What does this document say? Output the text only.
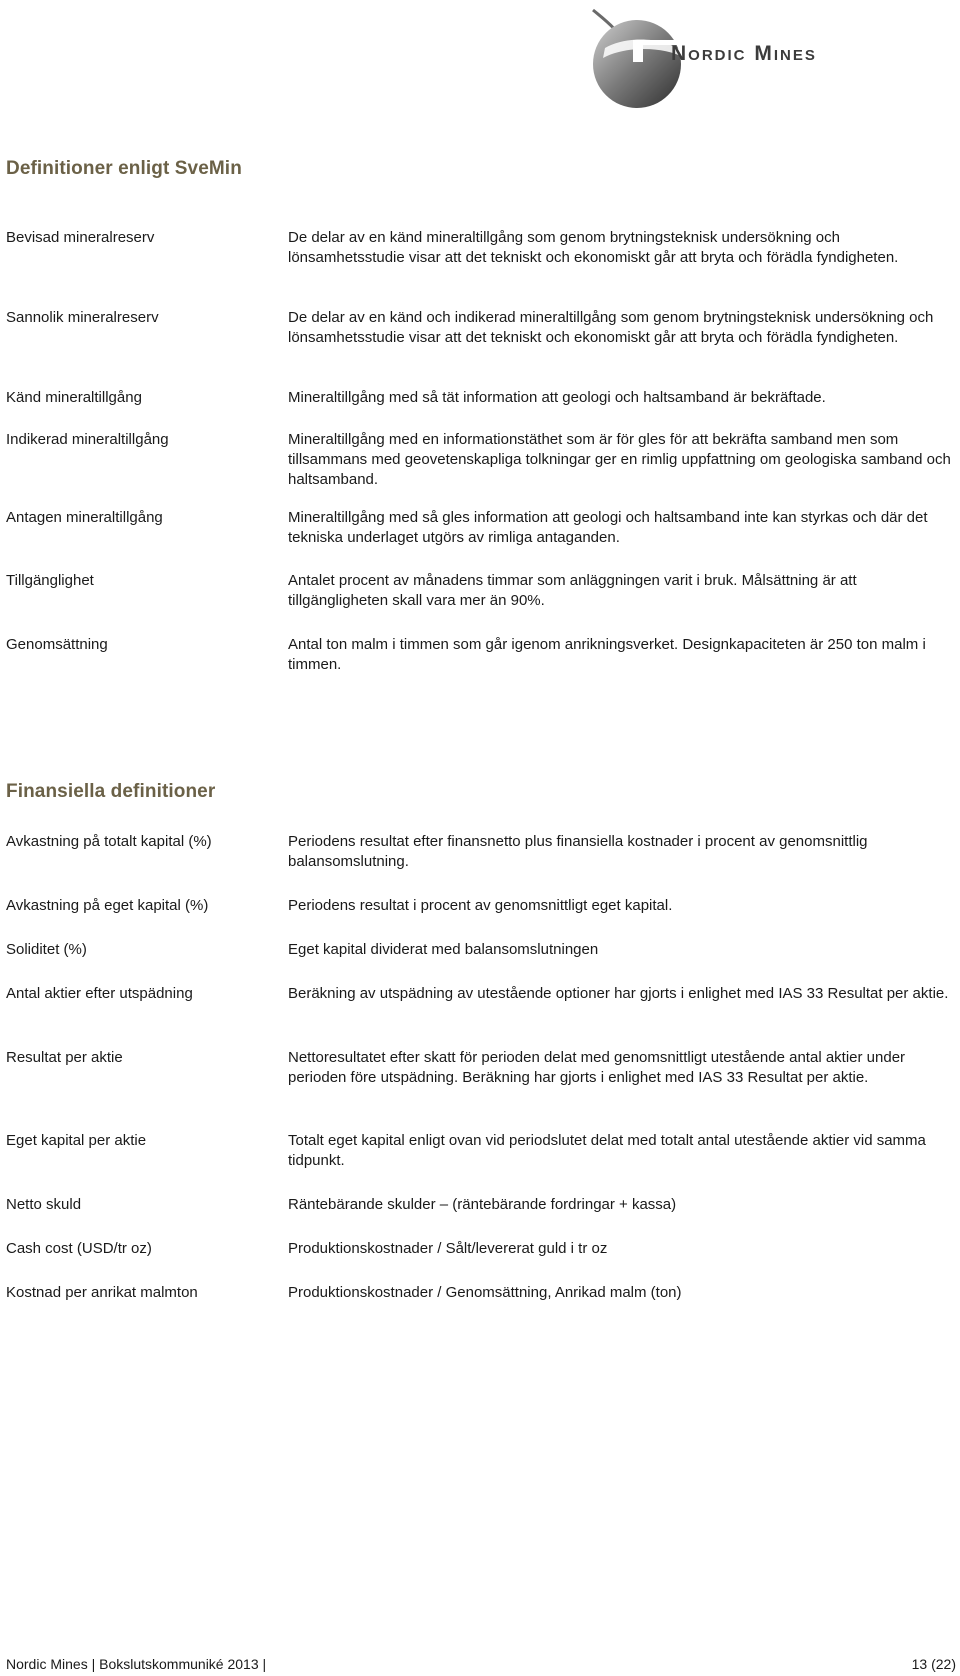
Nordic Mines
Definitioner enligt SveMin
Bevisad mineralreserv	De delar av en känd mineraltillgång som genom brytningsteknisk undersökning och lönsamhetsstudie visar att det tekniskt och ekonomiskt går att bryta och förädla fyndigheten.
Sannolik mineralreserv	De delar av en känd och indikerad mineraltillgång som genom brytningsteknisk undersökning och lönsamhetsstudie visar att det tekniskt och ekonomiskt går att bryta och förädla fyndigheten.
Känd mineraltillgång	Mineraltillgång med så tät information att geologi och haltsamband är bekräftade.
Indikerad mineraltillgång	Mineraltillgång med en informationstäthet som är för gles för att bekräfta samband men som tillsammans med geovetenskapliga tolkningar ger en rimlig uppfattning om geologiska samband och haltsamband.
Antagen mineraltillgång	Mineraltillgång med så gles information att geologi och haltsamband inte kan styrkas och där det tekniska underlaget utgörs av rimliga antaganden.
Tillgänglighet	Antalet procent av månadens timmar som anläggningen varit i bruk. Målsättning är att tillgängligheten skall vara mer än 90%.
Genomsättning	Antal ton malm i timmen som går igenom anrikningsverket. Designkapaciteten är 250 ton malm i timmen.
Finansiella definitioner
Avkastning på totalt kapital (%)	Periodens resultat efter finansnetto plus finansiella kostnader i procent av genomsnittlig balansomslutning.
Avkastning på eget kapital (%)	Periodens resultat i procent av genomsnittligt eget kapital.
Soliditet (%)	Eget kapital dividerat med balansomslutningen
Antal aktier efter utspädning	Beräkning av utspädning av utestående optioner har gjorts i enlighet med IAS 33 Resultat per aktie.
Resultat per aktie	Nettoresultatet efter skatt för perioden delat med genomsnittligt utestående antal aktier under perioden före utspädning. Beräkning har gjorts i enlighet med IAS 33 Resultat per aktie.
Eget kapital per aktie	Totalt eget kapital enligt ovan vid periodslutet delat med totalt antal utestående aktier vid samma tidpunkt.
Netto skuld	Räntebärande skulder – (räntebärande fordringar + kassa)
Cash cost (USD/tr oz)	Produktionskostnader / Sålt/levererat guld i tr oz
Kostnad per anrikat malmton	Produktionskostnader / Genomsättning, Anrikad malm (ton)
Nordic Mines | Bokslutskommuniké 2013 |	13 (22)
